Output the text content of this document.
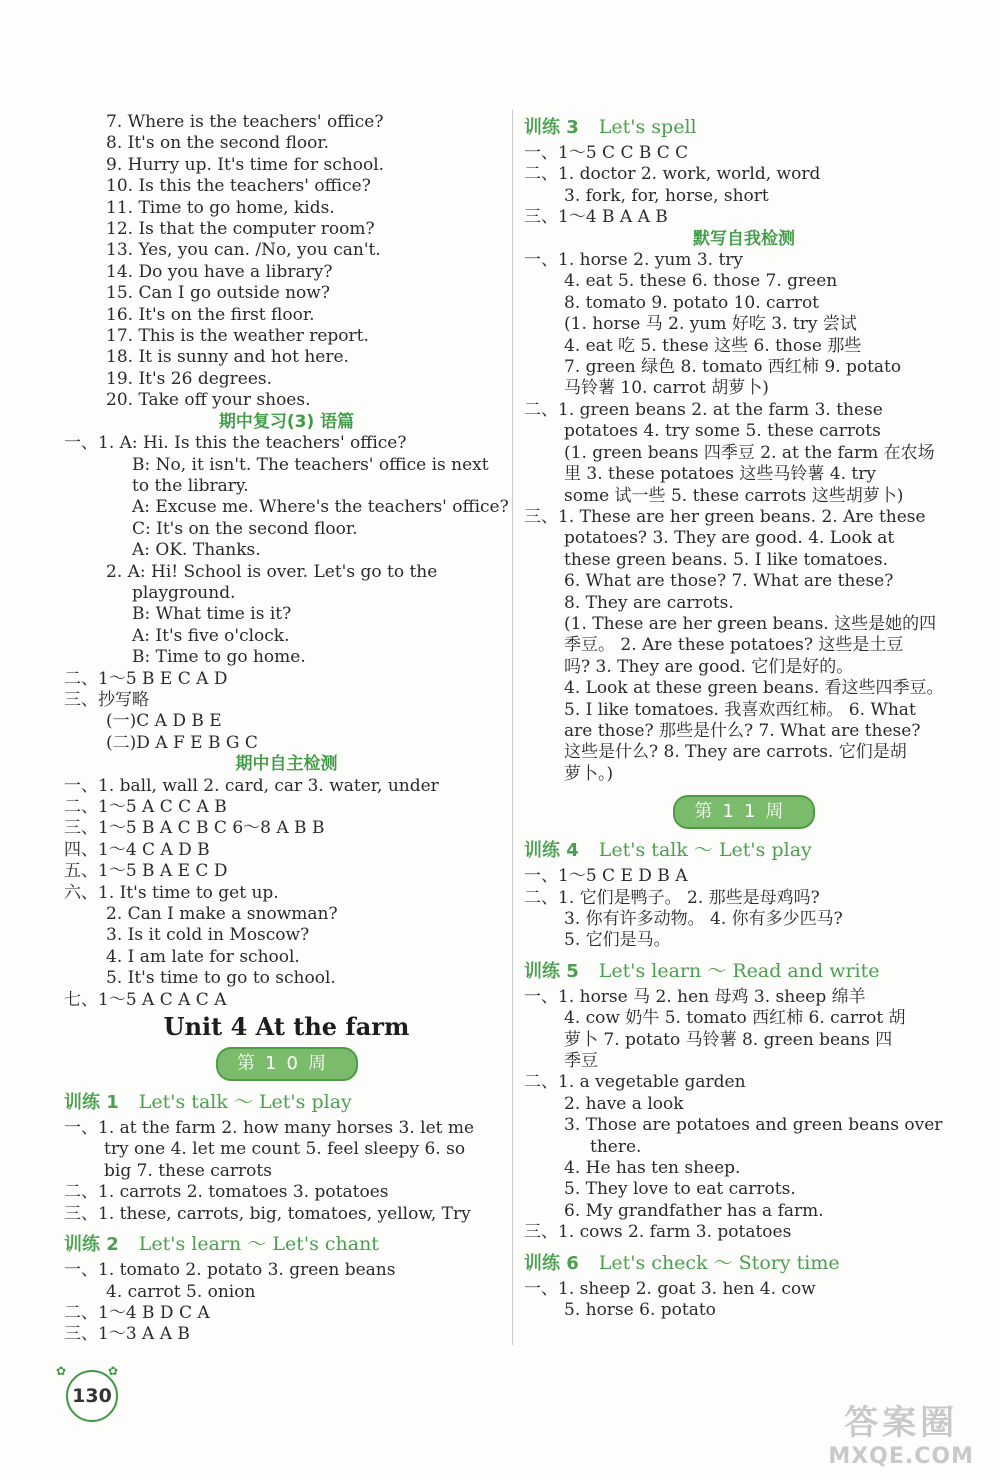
7. Where is the teachers' office?
8. It's on the second floor.
9. Hurry up. It's time for school.
10. Is this the teachers' office?
11. Time to go home, kids.
12. Is that the computer room?
13. Yes, you can. /No, you can't.
14. Do you have a library?
15. Can I go outside now?
16. It's on the first floor.
17. This is the weather report.
18. It is sunny and hot here.
19. It's 26 degrees.
20. Take off your shoes.
期中复习(3) 语篇
一、1. A: Hi. Is this the teachers' office?
B: No, it isn't. The teachers' office is next
to the library.
A: Excuse me. Where's the teachers' office?
C: It's on the second floor.
A: OK. Thanks.
2. A: Hi! School is over. Let's go to the
playground.
B: What time is it?
A: It's five o'clock.
B: Time to go home.
二、1～5 B E C A D
三、抄写略
(一)C A D B E
(二)D A F E B G C
期中自主检测
一、1. ball, wall 2. card, car 3. water, under
二、1～5 A C C A B
三、1～5 B A C B C 6～8 A B B
四、1～4 C A D B
五、1～5 B A E C D
六、1. It's time to get up.
2. Can I make a snowman?
3. Is it cold in Moscow?
4. I am late for school.
5. It's time to go to school.
七、1～5 A C A C A
Unit 4 At the farm
第10周
训练 1 Let's talk ～ Let's play
一、1. at the farm 2. how many horses 3. let me
try one 4. let me count 5. feel sleepy 6. so
big 7. these carrots
二、1. carrots 2. tomatoes 3. potatoes
三、1. these, carrots, big, tomatoes, yellow, Try
训练 2 Let's learn ～ Let's chant
一、1. tomato 2. potato 3. green beans
4. carrot 5. onion
二、1～4 B D C A
三、1～3 A A B
训练 3 Let's spell
一、1～5 C C B C C
二、1. doctor 2. work, world, word
3. fork, for, horse, short
三、1～4 B A A B
默写自我检测
一、1. horse 2. yum 3. try
4. eat 5. these 6. those 7. green
8. tomato 9. potato 10. carrot
(1. horse 马 2. yum 好吃 3. try 尝试
4. eat 吃 5. these 这些 6. those 那些
7. green 绿色 8. tomato 西红柿 9. potato
马铃薯 10. carrot 胡萝卜)
二、1. green beans 2. at the farm 3. these
potatoes 4. try some 5. these carrots
(1. green beans 四季豆 2. at the farm 在农场
里 3. these potatoes 这些马铃薯 4. try
some 试一些 5. these carrots 这些胡萝卜)
三、1. These are her green beans. 2. Are these
potatoes? 3. They are good. 4. Look at
these green beans. 5. I like tomatoes.
6. What are those? 7. What are these?
8. They are carrots.
(1. These are her green beans. 这些是她的四
季豆。 2. Are these potatoes? 这些是土豆
吗? 3. They are good. 它们是好的。
4. Look at these green beans. 看这些四季豆。
5. I like tomatoes. 我喜欢西红柿。 6. What
are those? 那些是什么? 7. What are these?
这些是什么? 8. They are carrots. 它们是胡
萝卜。)
第11周
训练 4 Let's talk ～ Let's play
一、1～5 C E D B A
二、1. 它们是鸭子。 2. 那些是母鸡吗?
3. 你有许多动物。 4. 你有多少匹马?
5. 它们是马。
训练 5 Let's learn ～ Read and write
一、1. horse 马 2. hen 母鸡 3. sheep 绵羊
4. cow 奶牛 5. tomato 西红柿 6. carrot 胡
萝卜 7. potato 马铃薯 8. green beans 四
季豆
二、1. a vegetable garden
2. have a look
3. Those are potatoes and green beans over
there.
4. He has ten sheep.
5. They love to eat carrots.
6. My grandfather has a farm.
三、1. cows 2. farm 3. potatoes
训练 6 Let's check ～ Story time
一、1. sheep 2. goat 3. hen 4. cow
5. horse 6. potato
✿	✿
130
答案圈
MXQE.COM
